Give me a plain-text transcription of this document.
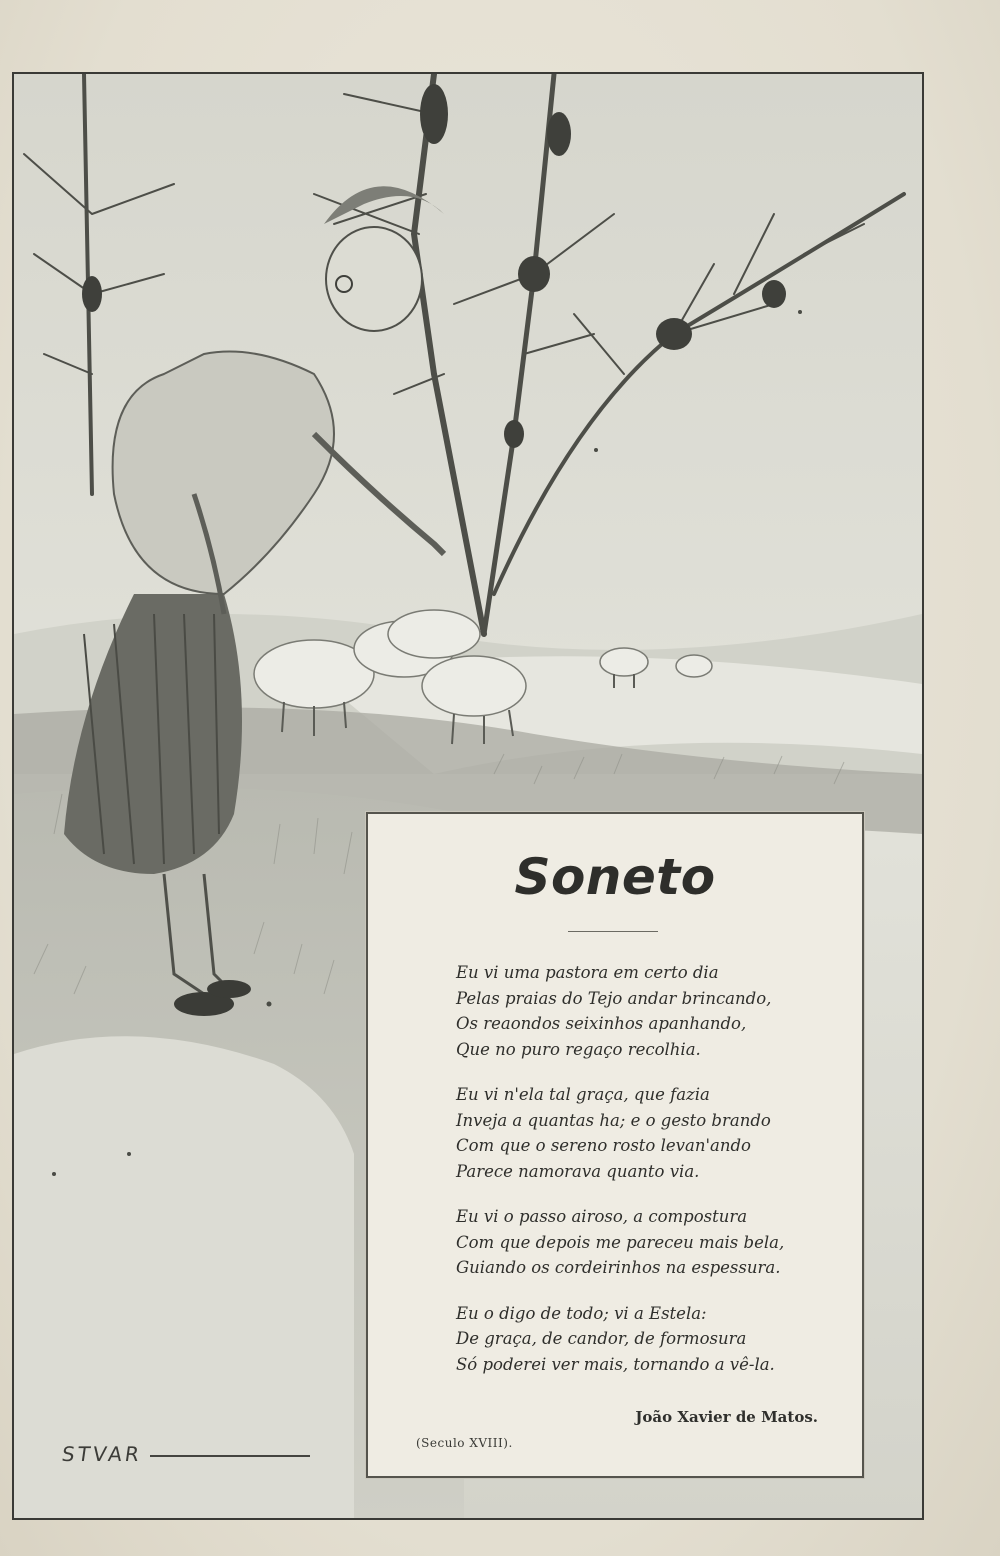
STVAR
Soneto
Eu vi uma pastora em certo dia
Pelas praias do Tejo andar brincando,
Os reaondos seixinhos apanhando,
Que no puro regaço recolhia.
Eu vi n'ela tal graça, que fazia
Inveja a quantas ha; e o gesto brando
Com que o sereno rosto levan'ando
Parece namorava quanto via.
Eu vi o passo airoso, a compostura
Com que depois me pareceu mais bela,
Guiando os cordeirinhos na espessura.
Eu o digo de todo; vi a Estela:
De graça, de candor, de formosura
Só poderei ver mais, tornando a vê-la.
João Xavier de Matos.
(Seculo XVIII).
